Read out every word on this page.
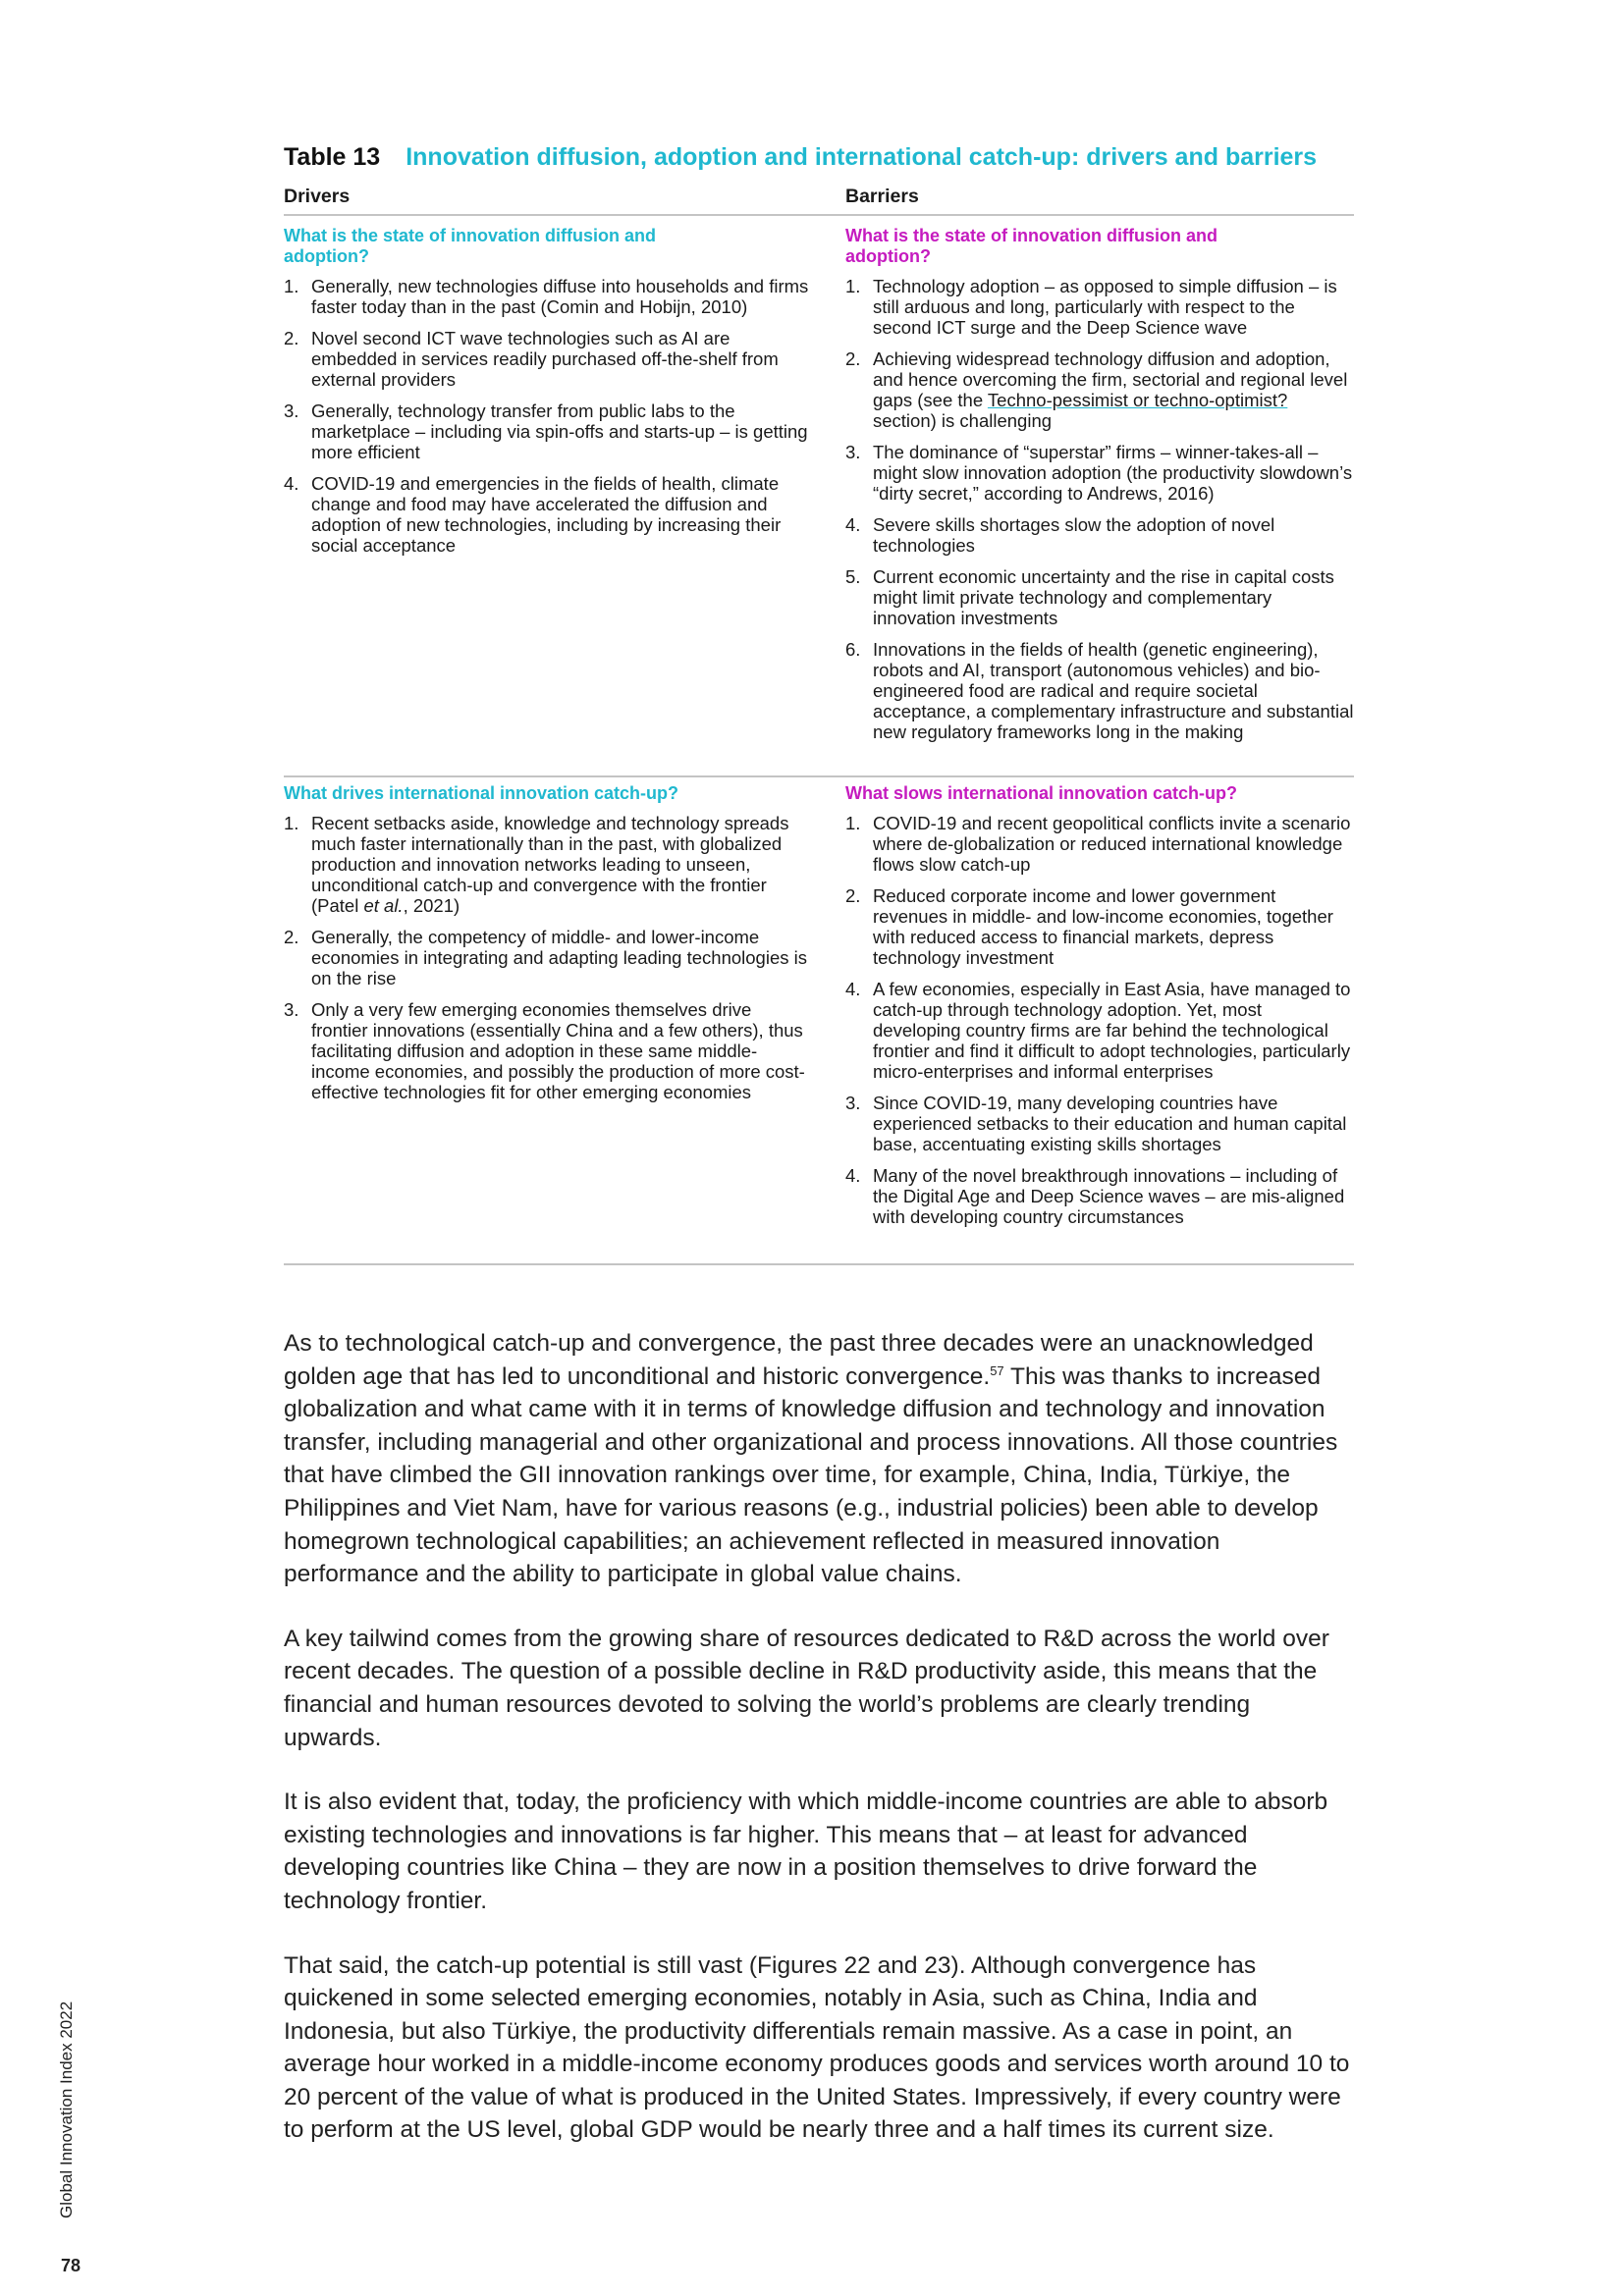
Table 13 Innovation diffusion, adoption and international catch-up: drivers and barriers
Drivers	Barriers
What is the state of innovation diffusion and adoption?
1. Generally, new technologies diffuse into households and firms faster today than in the past (Comin and Hobijn, 2010)
2. Novel second ICT wave technologies such as AI are embedded in services readily purchased off-the-shelf from external providers
3. Generally, technology transfer from public labs to the marketplace – including via spin-offs and starts-up – is getting more efficient
4. COVID-19 and emergencies in the fields of health, climate change and food may have accelerated the diffusion and adoption of new technologies, including by increasing their social acceptance
What is the state of innovation diffusion and adoption?
1. Technology adoption – as opposed to simple diffusion – is still arduous and long, particularly with respect to the second ICT surge and the Deep Science wave
2. Achieving widespread technology diffusion and adoption, and hence overcoming the firm, sectorial and regional level gaps (see the Techno-pessimist or techno-optimist? section) is challenging
3. The dominance of “superstar” firms – winner-takes-all – might slow innovation adoption (the productivity slowdown’s “dirty secret,” according to Andrews, 2016)
4. Severe skills shortages slow the adoption of novel technologies
5. Current economic uncertainty and the rise in capital costs might limit private technology and complementary innovation investments
6. Innovations in the fields of health (genetic engineering), robots and AI, transport (autonomous vehicles) and bio-engineered food are radical and require societal acceptance, a complementary infrastructure and substantial new regulatory frameworks long in the making
What drives international innovation catch-up?
1. Recent setbacks aside, knowledge and technology spreads much faster internationally than in the past, with globalized production and innovation networks leading to unseen, unconditional catch-up and convergence with the frontier (Patel et al., 2021)
2. Generally, the competency of middle- and lower-income economies in integrating and adapting leading technologies is on the rise
3. Only a very few emerging economies themselves drive frontier innovations (essentially China and a few others), thus facilitating diffusion and adoption in these same middle-income economies, and possibly the production of more cost-effective technologies fit for other emerging economies
What slows international innovation catch-up?
1. COVID-19 and recent geopolitical conflicts invite a scenario where de-globalization or reduced international knowledge flows slow catch-up
2. Reduced corporate income and lower government revenues in middle- and low-income economies, together with reduced access to financial markets, depress technology investment
4. A few economies, especially in East Asia, have managed to catch-up through technology adoption. Yet, most developing country firms are far behind the technological frontier and find it difficult to adopt technologies, particularly micro-enterprises and informal enterprises
3. Since COVID-19, many developing countries have experienced setbacks to their education and human capital base, accentuating existing skills shortages
4. Many of the novel breakthrough innovations – including of the Digital Age and Deep Science waves – are mis-aligned with developing country circumstances

As to technological catch-up and convergence, the past three decades were an unacknowledged golden age that has led to unconditional and historic convergence.$^{57}$ This was thanks to increased globalization and what came with it in terms of knowledge diffusion and technology and innovation transfer, including managerial and other organizational and process innovations. All those countries that have climbed the GII innovation rankings over time, for example, China, India, Türkiye, the Philippines and Viet Nam, have for various reasons (e.g., industrial policies) been able to develop homegrown technological capabilities; an achievement reflected in measured innovation performance and the ability to participate in global value chains.

A key tailwind comes from the growing share of resources dedicated to R&D across the world over recent decades. The question of a possible decline in R&D productivity aside, this means that the financial and human resources devoted to solving the world’s problems are clearly trending upwards.

It is also evident that, today, the proficiency with which middle-income countries are able to absorb existing technologies and innovations is far higher. This means that – at least for advanced developing countries like China – they are now in a position themselves to drive forward the technology frontier.

That said, the catch-up potential is still vast (Figures 22 and 23). Although convergence has quickened in some selected emerging economies, notably in Asia, such as China, India and Indonesia, but also Türkiye, the productivity differentials remain massive. As a case in point, an average hour worked in a middle-income economy produces goods and services worth around 10 to 20 percent of the value of what is produced in the United States. Impressively, if every country were to perform at the US level, global GDP would be nearly three and a half times its current size.

Global Innovation Index 2022
78
